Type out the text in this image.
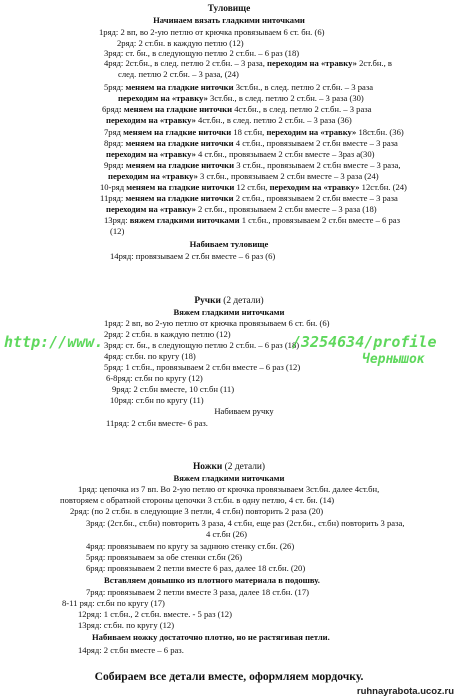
Туловище
Начинаем вязать гладкими ниточками
1ряд: 2 вп, во 2-ую петлю от крючка провязываем 6 ст. бн. (6)
2ряд: 2 ст.бн. в каждую петлю (12)
3ряд: ст. бн., в следующую петлю 2 ст.бн. – 6 раз (18)
4ряд: 2ст.бн., в след. петлю 2 ст.бн. – 3 раза, переходим на «травку» 2ст.бн., в
след. петлю 2 ст.бн. – 3 раза, (24)
5ряд: меняем на гладкие ниточки 3ст.бн., в след. петлю 2 ст.бн. – 3 раза
переходим на «травку» 3ст.бн., в след. петлю 2 ст.бн. – 3 раза (30)
6ряд: меняем на гладкие ниточки 4ст.бн., в след. петлю 2 ст.бн. – 3 раза
переходим на «травку» 4ст.бн., в след. петлю 2 ст.бн. – 3 раза (36)
7ряд меняем на гладкие ниточки 18 ст.бн, переходим на «травку» 18ст.бн. (36)
8ряд: меняем на гладкие ниточки 4 ст.бн., провязываем 2 ст.бн вместе – 3 раза
переходим на «травку» 4 ст.бн., провязываем 2 ст.бн вместе – 3раз а(30)
9ряд: меняем на гладкие ниточки 3 ст.бн., провязываем 2 ст.бн вместе – 3 раза,
переходим на «травку» 3 ст.бн., провязываем 2 ст.бн вместе – 3 раза (24)
10-ряд меняем на гладкие ниточки 12 ст.бн, переходим на «травку» 12ст.бн. (24)
11ряд: меняем на гладкие ниточки 2 ст.бн., провязываем 2 ст.бн вместе – 3 раза
переходим на «травку» 2 ст.бн., провязываем 2 ст.бн вместе – 3 раза (18)
13ряд: вяжем гладкими ниточками 1 ст.бн., провязываем 2 ст.бн вместе – 6 раз
(12)
Набиваем туловище
14ряд: провязываем 2 ст.бн вместе – 6 раз (6)
Ручки (2 детали)
Вяжем гладкими ниточками
1ряд: 2 вп, во 2-ую петлю от крючка провязываем 6 ст. бн. (6)
2ряд: 2 ст.бн. в каждую петлю (12)
3ряд: ст. бн., в следующую петлю 2 ст.бн. – 6 раз (18)
4ряд: ст.бн. по кругу (18)
5ряд: 1 ст.бн., провязываем 2 ст.бн вместе – 6 раз (12)
6-8ряд: ст.бн по кругу (12)
9ряд: 2 ст.бн вместе, 10 ст.бн (11)
10ряд: ст.бн по кругу (11)
Набиваем ручку
11ряд: 2 ст.бн вместе- 6 раз.
Ножки (2 детали)
Вяжем гладкими ниточками
1ряд: цепочка из 7 вп. Во 2-ую петлю от крючка провязываем 3ст.бн. далее 4ст.бн,
повторяем с обратной стороны цепочки 3 ст.бн. в одну петлю, 4 ст. бн. (14)
2ряд: (по 2 ст.бн. в следующие 3 петли, 4 ст.бн) повторить 2 раза (20)
3ряд: (2ст.бн., ст.бн) повторить 3 раза, 4 ст.бн, еще раз (2ст.бн., ст.бн) повторить 3 раза,
4 ст.бн (26)
4ряд: провязываем по кругу за заднюю стенку ст.бн. (26)
5ряд: провязываем за обе стенки ст.бн (26)
6ряд: провязываем 2 петли вместе 6 раз, далее 18 ст.бн. (20)
Вставляем донышко из плотного материала в подошву.
7ряд: провязываем 2 петли вместе 3 раза, далее 18 ст.бн. (17)
8-11 ряд: ст.бн по кругу (17)
12ряд: 1 ст.бн., 2 ст.бн. вместе. - 5 раз (12)
13ряд: ст.бн. по кругу (12)
Набиваем ножку достаточно плотно, но не растягивая петли.
14ряд: 2 ст.бн вместе – 6 раз.
Собираем все детали вместе, оформляем мордочку.
http://www.	/3254634/profile
Чернышок
ruhnayrabota.ucoz.ru
